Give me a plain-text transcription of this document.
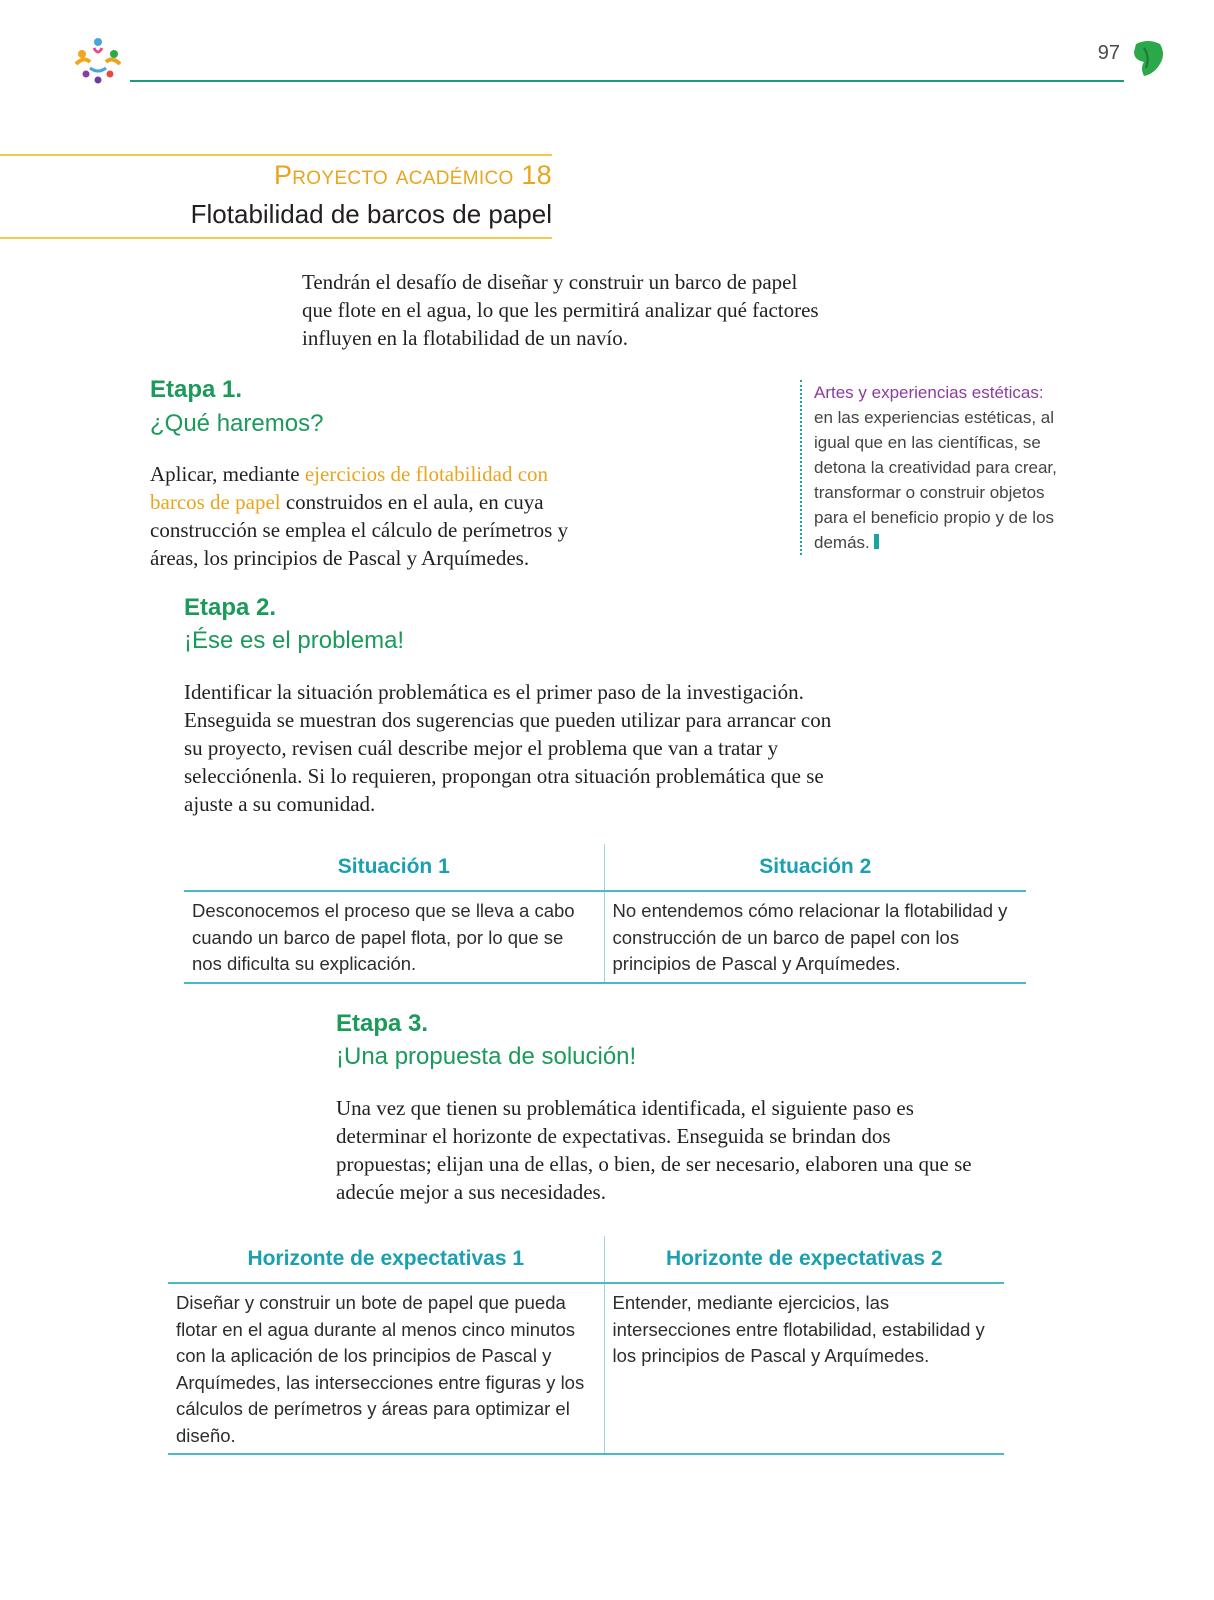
97
Proyecto académico 18
Flotabilidad de barcos de papel
Tendrán el desafío de diseñar y construir un barco de papel que flote en el agua, lo que les permitirá analizar qué factores influyen en la flotabilidad de un navío.
Artes y experiencias estéticas: en las experiencias estéticas, al igual que en las científicas, se detona la creatividad para crear, transformar o construir objetos para el beneficio propio y de los demás.
Etapa 1.
¿Qué haremos?
Aplicar, mediante ejercicios de flotabilidad con barcos de papel construidos en el aula, en cuya construcción se emplea el cálculo de perímetros y áreas, los principios de Pascal y Arquímedes.
Etapa 2.
¡Ése es el problema!
Identificar la situación problemática es el primer paso de la investigación. Enseguida se muestran dos sugerencias que pueden utilizar para arrancar con su proyecto, revisen cuál describe mejor el problema que van a tratar y selecciónenla. Si lo requieren, propongan otra situación problemática que se ajuste a su comunidad.
Situación 1	Situación 2
Desconocemos el proceso que se lleva a cabo cuando un barco de papel flota, por lo que se nos dificulta su explicación.	No entendemos cómo relacionar la flotabilidad y construcción de un barco de papel con los principios de Pascal y Arquímedes.
Etapa 3.
¡Una propuesta de solución!
Una vez que tienen su problemática identificada, el siguiente paso es determinar el horizonte de expectativas. Enseguida se brindan dos propuestas; elijan una de ellas, o bien, de ser necesario, elaboren una que se adecúe mejor a sus necesidades.
Horizonte de expectativas 1	Horizonte de expectativas 2
Diseñar y construir un bote de papel que pueda flotar en el agua durante al menos cinco minutos con la aplicación de los principios de Pascal y Arquímedes, las intersecciones entre figuras y los cálculos de perímetros y áreas para optimizar el diseño.	Entender, mediante ejercicios, las intersecciones entre flotabilidad, estabilidad y los principios de Pascal y Arquímedes.
